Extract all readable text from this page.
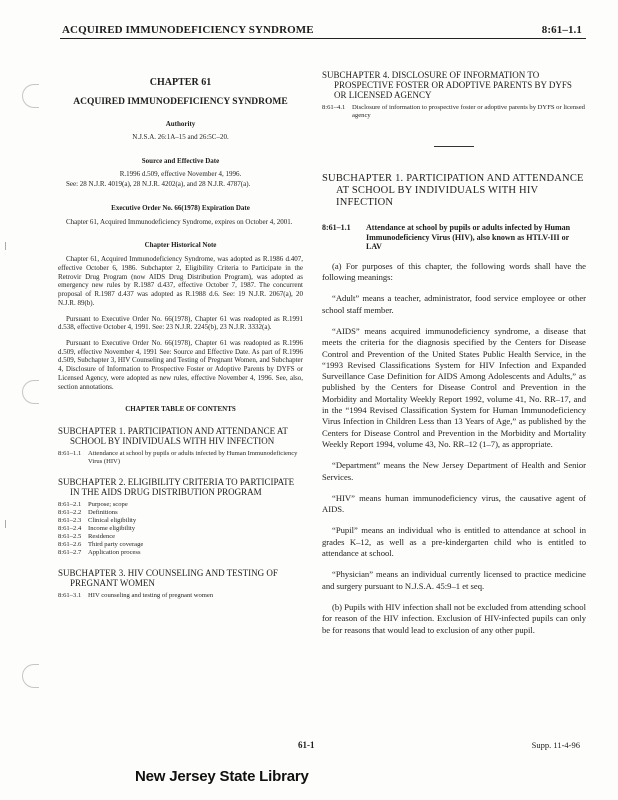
ACQUIRED IMMUNODEFICIENCY SYNDROME	8:61–1.1
CHAPTER 61
ACQUIRED IMMUNODEFICIENCY SYNDROME
Authority
N.J.S.A. 26:1A–15 and 26:5C–20.
Source and Effective Date
R.1996 d.509, effective November 4, 1996.
See: 28 N.J.R. 4019(a), 28 N.J.R. 4202(a), and 28 N.J.R. 4787(a).
Executive Order No. 66(1978) Expiration Date

Chapter 61, Acquired Immunodeficiency Syndrome, expires on October 4, 2001.

Chapter Historical Note

Chapter 61, Acquired Immunodeficiency Syndrome, was adopted as R.1986 d.407, effective October 6, 1986. Subchapter 2, Eligibility Criteria to Participate in the Retrovir Drug Program (now AIDS Drug Distribution Program), was adopted as emergency new rules by R.1987 d.437, effective October 7, 1987. The concurrent proposal of R.1987 d.437 was adopted as R.1988 d.6. See: 19 N.J.R. 2067(a), 20 N.J.R. 89(b).

Pursuant to Executive Order No. 66(1978), Chapter 61 was readopted as R.1991 d.538, effective October 4, 1991. See: 23 N.J.R. 2245(b), 23 N.J.R. 3332(a).

Pursuant to Executive Order No. 66(1978), Chapter 61 was readopted as R.1996 d.509, effective November 4, 1991 See: Source and Effective Date. As part of R.1996 d.509, Subchapter 3, HIV Counseling and Testing of Pregnant Women, and Subchapter 4, Disclosure of Information to Prospective Foster or Adoptive Parents by DYFS or Licensed Agency, were adopted as new rules, effective November 4, 1996. See, also, section annotations.

CHAPTER TABLE OF CONTENTS
SUBCHAPTER 1. PARTICIPATION AND ATTENDANCE AT SCHOOL BY INDIVIDUALS WITH HIV INFECTION
8:61–1.1	Attendance at school by pupils or adults infected by Human Immunodeficiency Virus (HIV)
SUBCHAPTER 2. ELIGIBILITY CRITERIA TO PARTICIPATE IN THE AIDS DRUG DISTRIBUTION PROGRAM
8:61–2.1	Purpose; scope
8:61–2.2	Definitions
8:61–2.3	Clinical eligibility
8:61–2.4	Income eligibility
8:61–2.5	Residence
8:61–2.6	Third party coverage
8:61–2.7	Application process
SUBCHAPTER 3. HIV COUNSELING AND TESTING OF PREGNANT WOMEN
8:61–3.1	HIV counseling and testing of pregnant women
SUBCHAPTER 4. DISCLOSURE OF INFORMATION TO PROSPECTIVE FOSTER OR ADOPTIVE PARENTS BY DYFS OR LICENSED AGENCY
8:61–4.1	Disclosure of information to prospective foster or adoptive parents by DYFS or licensed agency
SUBCHAPTER 1. PARTICIPATION AND ATTENDANCE AT SCHOOL BY INDIVIDUALS WITH HIV INFECTION
8:61–1.1	Attendance at school by pupils or adults infected by Human Immunodeficiency Virus (HIV), also known as HTLV-III or LAV

(a) For purposes of this chapter, the following words shall have the following meanings:

“Adult” means a teacher, administrator, food service employee or other school staff member.

“AIDS” means acquired immunodeficiency syndrome, a disease that meets the criteria for the diagnosis specified by the Centers for Disease Control and Prevention of the United States Public Health Service, in the “1993 Revised Classifications System for HIV Infection and Expanded Surveillance Case Definition for AIDS Among Adolescents and Adults,” as published by the Centers for Disease Control and Prevention in the Morbidity and Mortality Weekly Report 1992, volume 41, No. RR–17, and in the “1994 Revised Classification System for Human Immunodeficiency Virus Infection in Children Less than 13 Years of Age,” as published by the Centers for Disease Control and Prevention in the Morbidity and Mortality Weekly Report 1994, volume 43, No. RR–12 (1–7), as appropriate.

“Department” means the New Jersey Department of Health and Senior Services.

“HIV” means human immunodeficiency virus, the causative agent of AIDS.

“Pupil” means an individual who is entitled to attendance at school in grades K–12, as well as a pre-kindergarten child who is entitled to attendance at school.

“Physician” means an individual currently licensed to practice medicine and surgery pursuant to N.J.S.A. 45:9–1 et seq.

(b) Pupils with HIV infection shall not be excluded from attending school for reason of the HIV infection. Exclusion of HIV-infected pupils can only be for reasons that would lead to exclusion of any other pupil.

61-1	Supp. 11-4-96
New Jersey State Library
